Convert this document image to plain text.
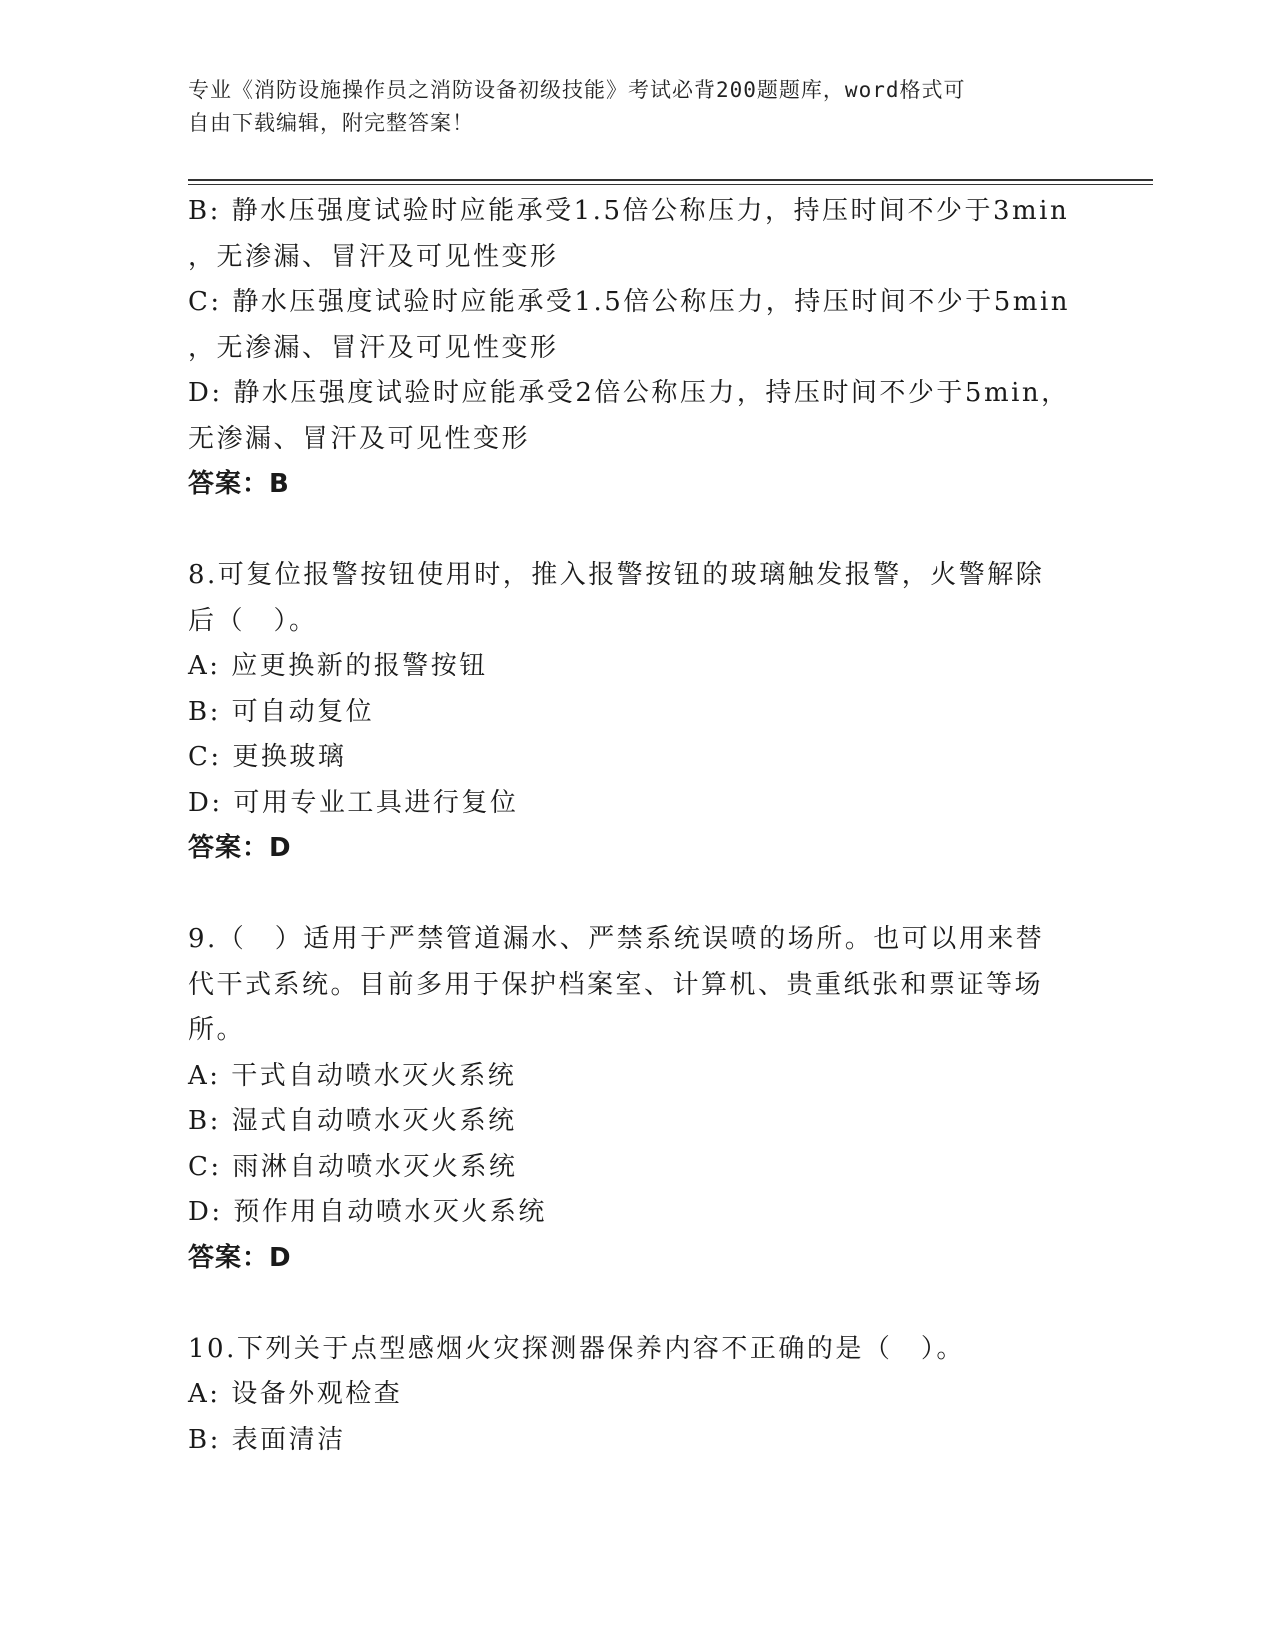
专业《消防设施操作员之消防设备初级技能》考试必背200题题库，word格式可
自由下载编辑，附完整答案！
B: 静水压强度试验时应能承受1.5倍公称压力，持压时间不少于3min
，无渗漏、冒汗及可见性变形
C: 静水压强度试验时应能承受1.5倍公称压力，持压时间不少于5min
，无渗漏、冒汗及可见性变形
D: 静水压强度试验时应能承受2倍公称压力，持压时间不少于5min，
无渗漏、冒汗及可见性变形
答案：B
8.可复位报警按钮使用时，推入报警按钮的玻璃触发报警，火警解除
后（　）。
A: 应更换新的报警按钮
B: 可自动复位
C: 更换玻璃
D: 可用专业工具进行复位
答案：D
9.（　）适用于严禁管道漏水、严禁系统误喷的场所。也可以用来替
代干式系统。目前多用于保护档案室、计算机、贵重纸张和票证等场
所。
A: 干式自动喷水灭火系统
B: 湿式自动喷水灭火系统
C: 雨淋自动喷水灭火系统
D: 预作用自动喷水灭火系统
答案：D
10.下列关于点型感烟火灾探测器保养内容不正确的是（　）。
A: 设备外观检查
B: 表面清洁
